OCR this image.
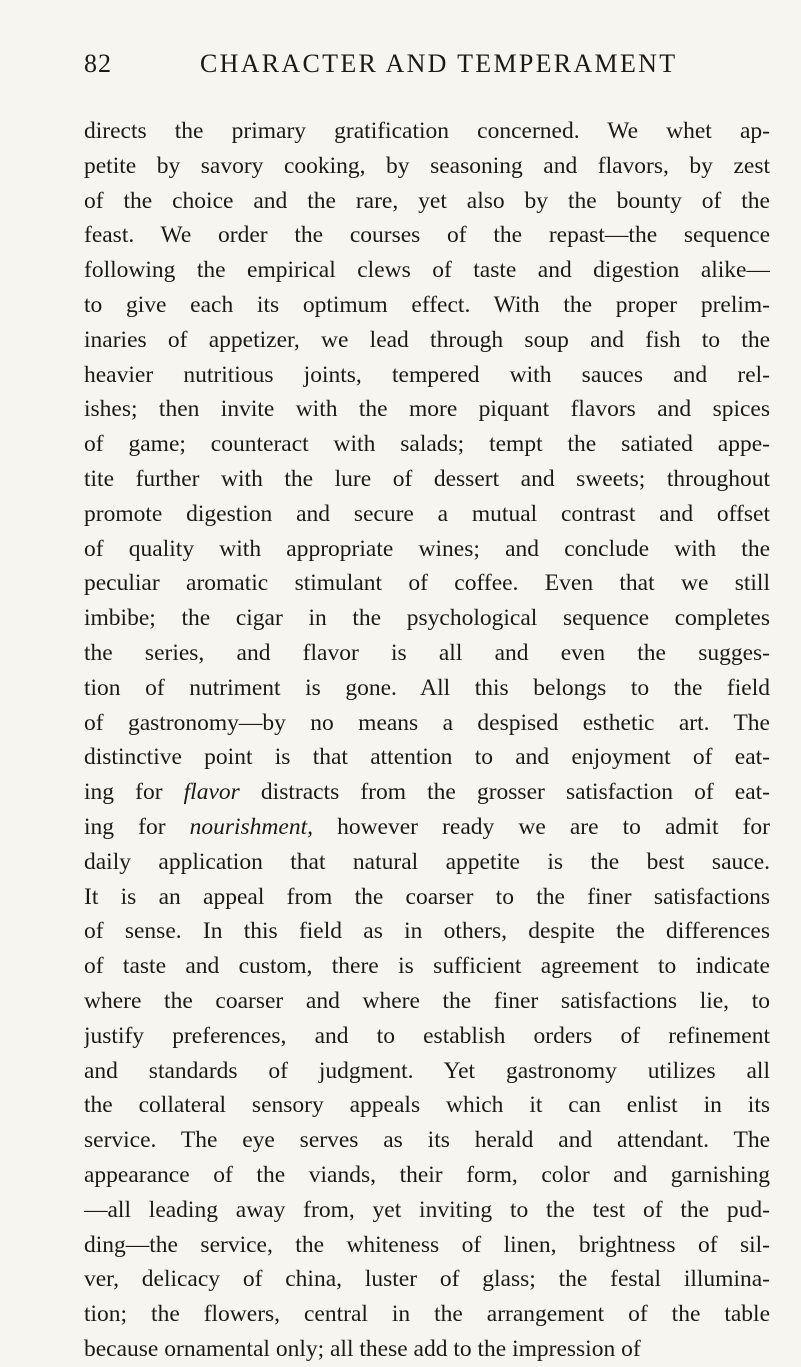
82	CHARACTER AND TEMPERAMENT
directs the primary gratification concerned. We whet ap-
petite by savory cooking, by seasoning and flavors, by zest
of the choice and the rare, yet also by the bounty of the
feast. We order the courses of the repast—the sequence
following the empirical clews of taste and digestion alike—
to give each its optimum effect. With the proper prelim-
inaries of appetizer, we lead through soup and fish to the
heavier nutritious joints, tempered with sauces and rel-
ishes; then invite with the more piquant flavors and spices
of game; counteract with salads; tempt the satiated appe-
tite further with the lure of dessert and sweets; throughout
promote digestion and secure a mutual contrast and offset
of quality with appropriate wines; and conclude with the
peculiar aromatic stimulant of coffee. Even that we still
imbibe; the cigar in the psychological sequence completes
the series, and flavor is all and even the sugges-
tion of nutriment is gone. All this belongs to the field
of gastronomy—by no means a despised esthetic art. The
distinctive point is that attention to and enjoyment of eat-
ing for flavor distracts from the grosser satisfaction of eat-
ing for nourishment, however ready we are to admit for
daily application that natural appetite is the best sauce.
It is an appeal from the coarser to the finer satisfactions
of sense. In this field as in others, despite the differences
of taste and custom, there is sufficient agreement to indicate
where the coarser and where the finer satisfactions lie, to
justify preferences, and to establish orders of refinement
and standards of judgment. Yet gastronomy utilizes all
the collateral sensory appeals which it can enlist in its
service. The eye serves as its herald and attendant. The
appearance of the viands, their form, color and garnishing
—all leading away from, yet inviting to the test of the pud-
ding—the service, the whiteness of linen, brightness of sil-
ver, delicacy of china, luster of glass; the festal illumina-
tion; the flowers, central in the arrangement of the table
because ornamental only; all these add to the impression of
